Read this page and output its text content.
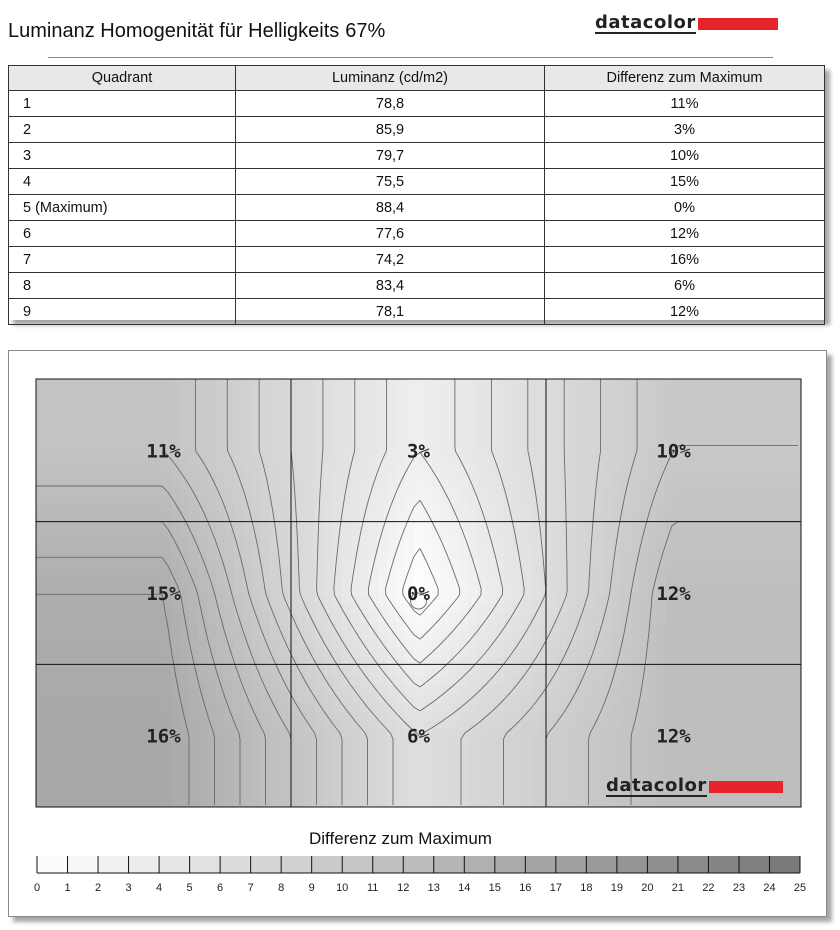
Luminanz Homogenität für Helligkeits 67%	datacolor
Quadrant	Luminanz (cd/m2)	Differenz zum Maximum
1	78,8	11%
2	85,9	3%
3	79,7	10%
4	75,5	15%
5 (Maximum)	88,4	0%
6	77,6	12%
7	74,2	16%
8	83,4	6%
9	78,1	12%
11%	3%	10%
15%	0%	12%
16%	6%	12%
0 1 2 3 4 5 6 7 8 9 10 11 12 13 14 15 16 17 18 19 20 21 22 23 24 25
Differenz zum Maximum
datacolor
